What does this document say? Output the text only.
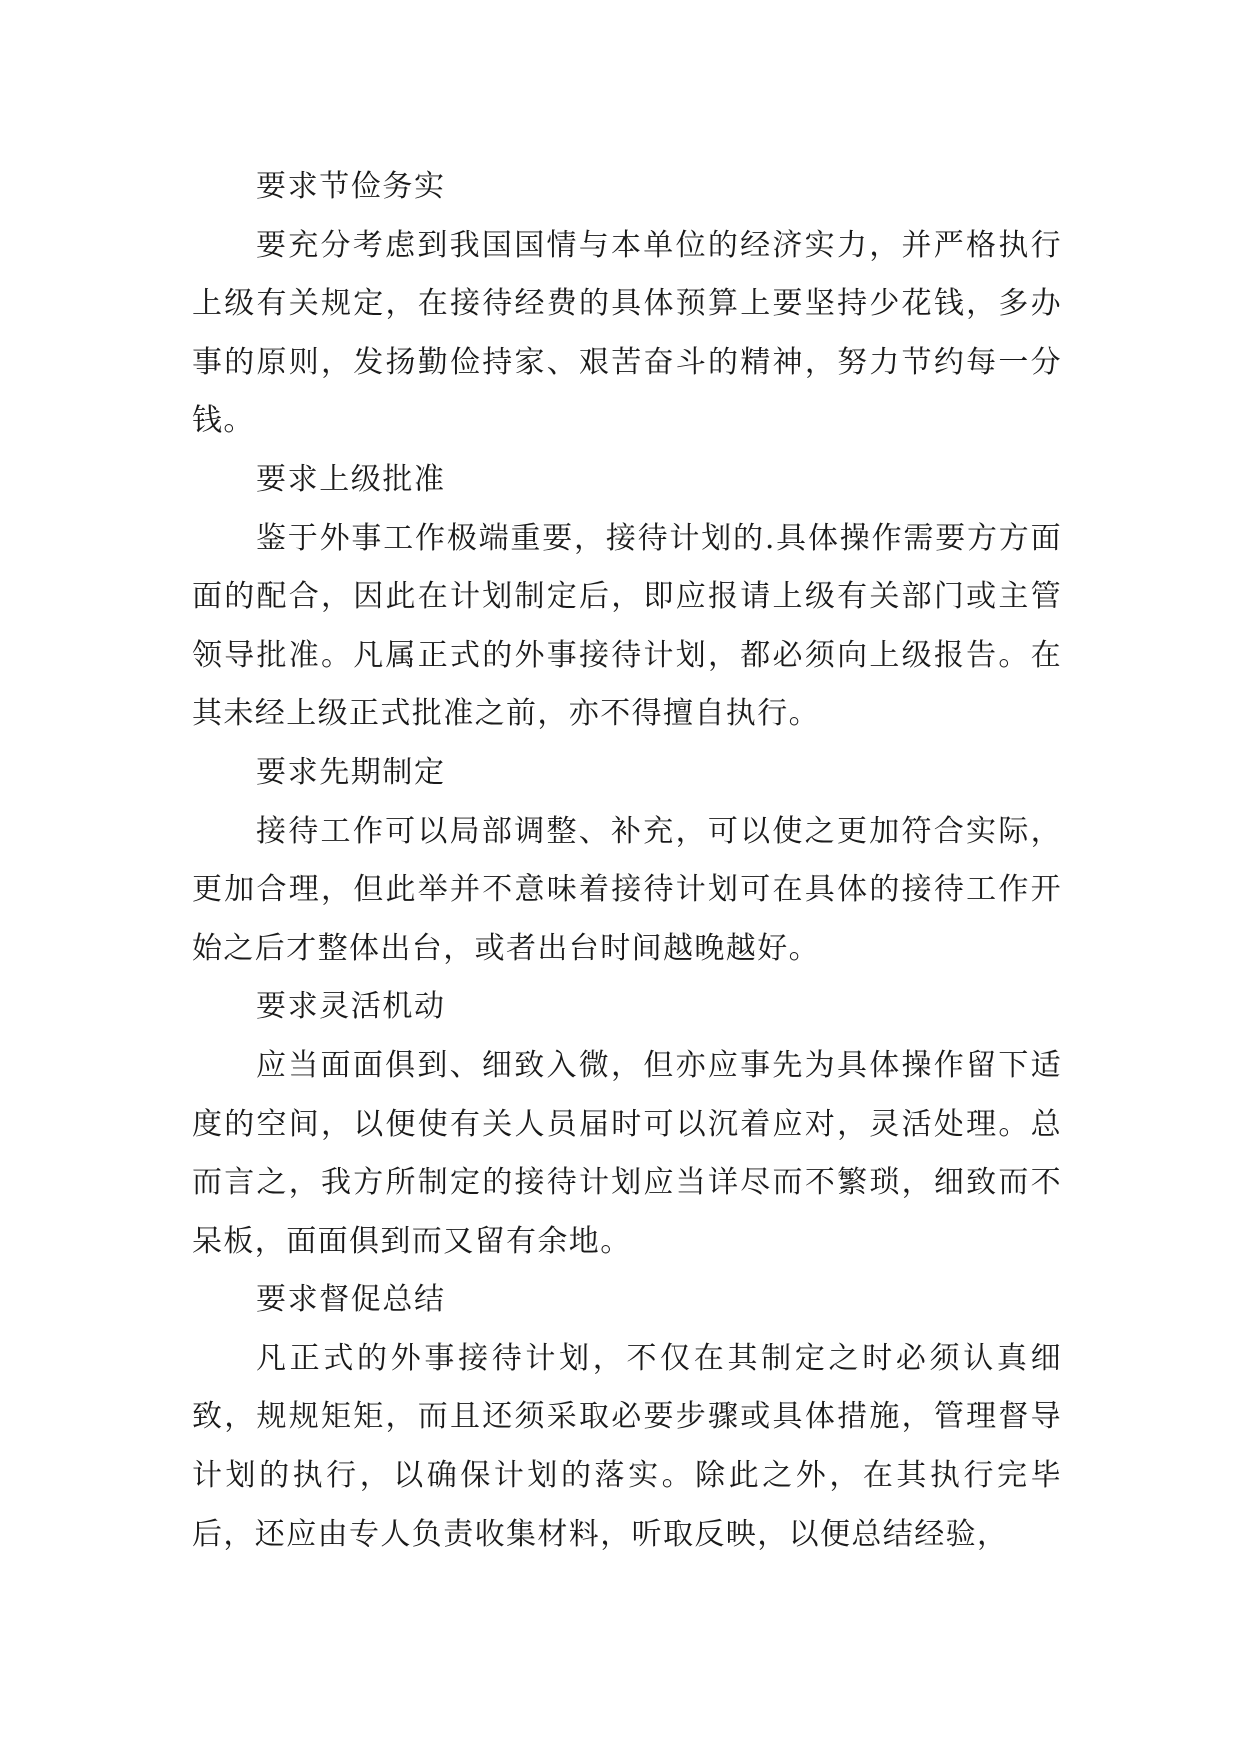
要求节俭务实

要充分考虑到我国国情与本单位的经济实力，并严格执行上级有关规定，在接待经费的具体预算上要坚持少花钱，多办事的原则，发扬勤俭持家、艰苦奋斗的精神，努力节约每一分钱。

要求上级批准

鉴于外事工作极端重要，接待计划的.具体操作需要方方面面的配合，因此在计划制定后，即应报请上级有关部门或主管领导批准。凡属正式的外事接待计划，都必须向上级报告。在其未经上级正式批准之前，亦不得擅自执行。

要求先期制定

接待工作可以局部调整、补充，可以使之更加符合实际，更加合理，但此举并不意味着接待计划可在具体的接待工作开始之后才整体出台，或者出台时间越晚越好。

要求灵活机动

应当面面俱到、细致入微，但亦应事先为具体操作留下适度的空间，以便使有关人员届时可以沉着应对，灵活处理。总而言之，我方所制定的接待计划应当详尽而不繁琐，细致而不呆板，面面俱到而又留有余地。

要求督促总结

凡正式的外事接待计划，不仅在其制定之时必须认真细致，规规矩矩，而且还须采取必要步骤或具体措施，管理督导计划的执行，以确保计划的落实。除此之外，在其执行完毕后，还应由专人负责收集材料，听取反映，以便总结经验，
